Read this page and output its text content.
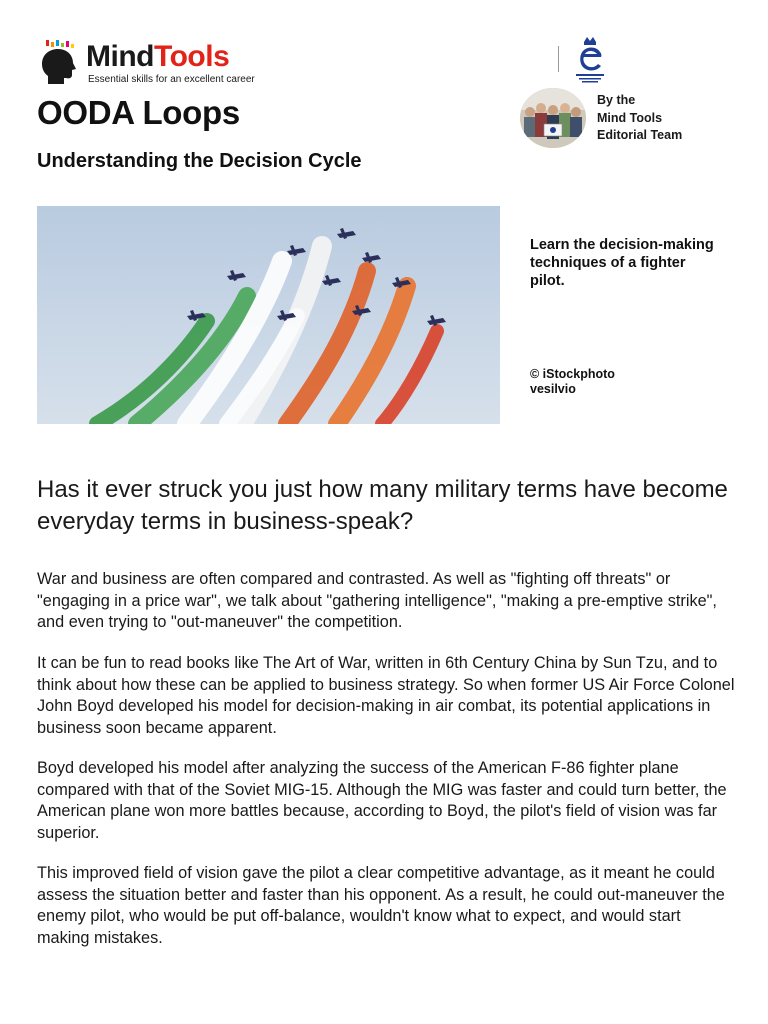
MindTools
Essential skills for an excellent career
By the
Mind Tools
Editorial Team
OODA Loops
Understanding the Decision Cycle

Learn the decision-making techniques of a fighter pilot.

© iStockphoto
vesilvio

Has it ever struck you just how many military terms have become everyday terms in business-speak?

War and business are often compared and contrasted. As well as "fighting off threats" or "engaging in a price war", we talk about "gathering intelligence", "making a pre-emptive strike", and even trying to "out-maneuver" the competition.

It can be fun to read books like The Art of War, written in 6th Century China by Sun Tzu, and to think about how these can be applied to business strategy. So when former US Air Force Colonel John Boyd developed his model for decision-making in air combat, its potential applications in business soon became apparent.

Boyd developed his model after analyzing the success of the American F-86 fighter plane compared with that of the Soviet MIG-15. Although the MIG was faster and could turn better, the American plane won more battles because, according to Boyd, the pilot's field of vision was far superior.

This improved field of vision gave the pilot a clear competitive advantage, as it meant he could assess the situation better and faster than his opponent. As a result, he could out-maneuver the enemy pilot, who would be put off-balance, wouldn't know what to expect, and would start making mistakes.
